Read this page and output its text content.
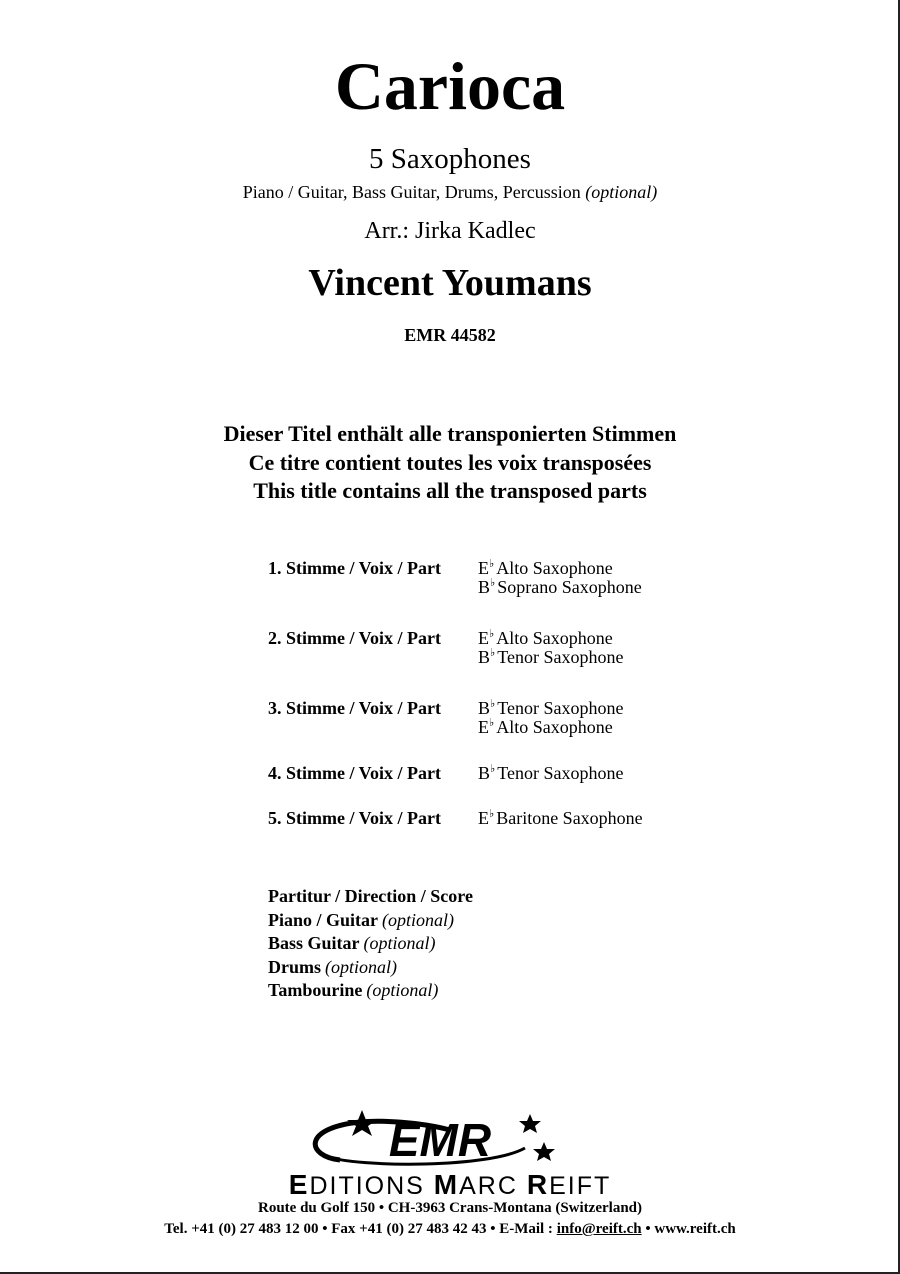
Carioca
5 Saxophones
Piano / Guitar, Bass Guitar, Drums, Percussion (optional)
Arr.: Jirka Kadlec
Vincent Youmans
EMR 44582
Dieser Titel enthält alle transponierten Stimmen
Ce titre contient toutes les voix transposées
This title contains all the transposed parts
1. Stimme / Voix / Part E♭ Alto Saxophone
B♭ Soprano Saxophone
2. Stimme / Voix / Part E♭ Alto Saxophone
B♭ Tenor Saxophone
3. Stimme / Voix / Part B♭ Tenor Saxophone
E♭ Alto Saxophone
4. Stimme / Voix / Part B♭ Tenor Saxophone
5. Stimme / Voix / Part E♭ Baritone Saxophone
Partitur / Direction / Score
Piano / Guitar (optional)
Bass Guitar (optional)
Drums (optional)
Tambourine (optional)
EMR
EDITIONS MARC REIFT
Route du Golf 150 • CH-3963 Crans-Montana (Switzerland)
Tel. +41 (0) 27 483 12 00 • Fax +41 (0) 27 483 42 43 • E-Mail : info@reift.ch • www.reift.ch
